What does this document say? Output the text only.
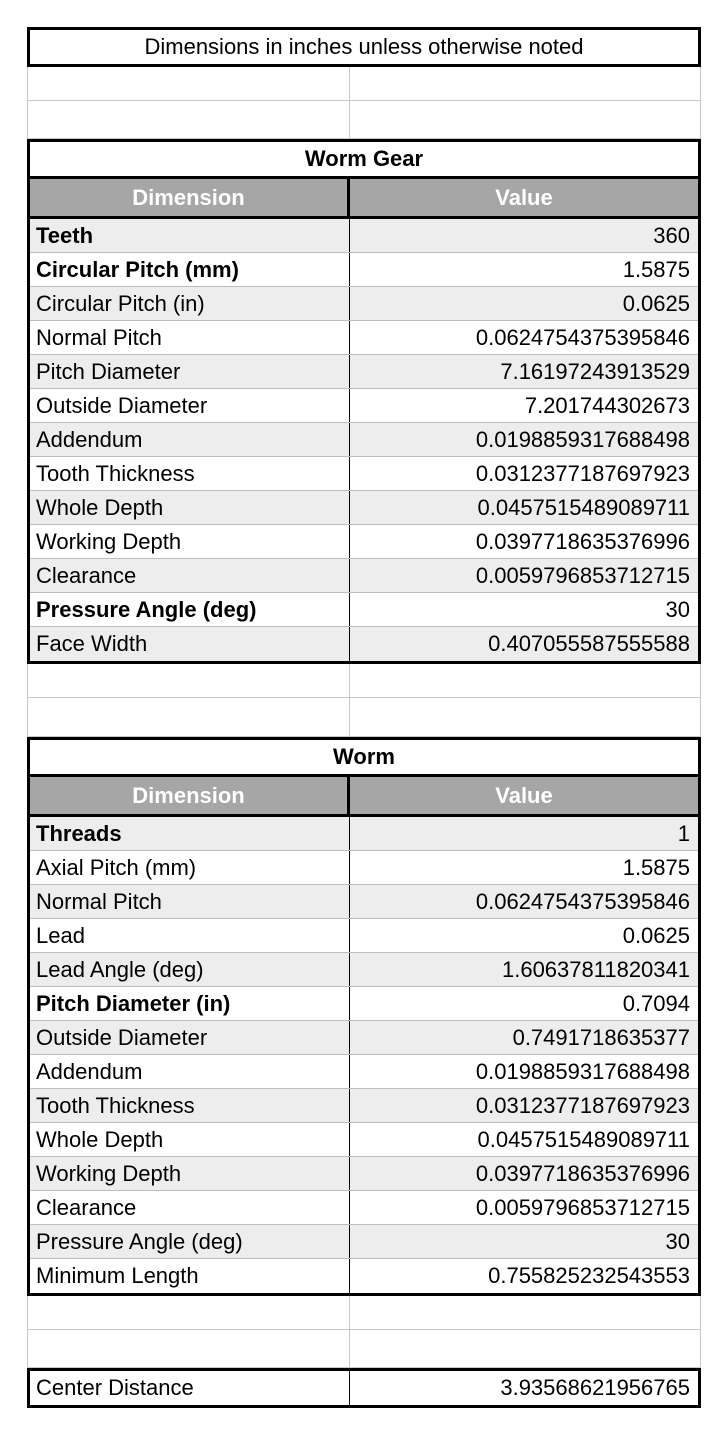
Dimensions in inches unless otherwise noted
Worm Gear
Dimension	Value
Teeth	360
Circular Pitch (mm)	1.5875
Circular Pitch (in)	0.0625
Normal Pitch	0.0624754375395846
Pitch Diameter	7.16197243913529
Outside Diameter	7.201744302673
Addendum	0.0198859317688498
Tooth Thickness	0.0312377187697923
Whole Depth	0.0457515489089711
Working Depth	0.0397718635376996
Clearance	0.0059796853712715
Pressure Angle (deg)	30
Face Width	0.407055587555588
Worm
Dimension	Value
Threads	1
Axial Pitch (mm)	1.5875
Normal Pitch	0.0624754375395846
Lead	0.0625
Lead Angle (deg)	1.60637811820341
Pitch Diameter (in)	0.7094
Outside Diameter	0.7491718635377
Addendum	0.0198859317688498
Tooth Thickness	0.0312377187697923
Whole Depth	0.0457515489089711
Working Depth	0.0397718635376996
Clearance	0.0059796853712715
Pressure Angle (deg)	30
Minimum Length	0.755825232543553
Center Distance	3.93568621956765
